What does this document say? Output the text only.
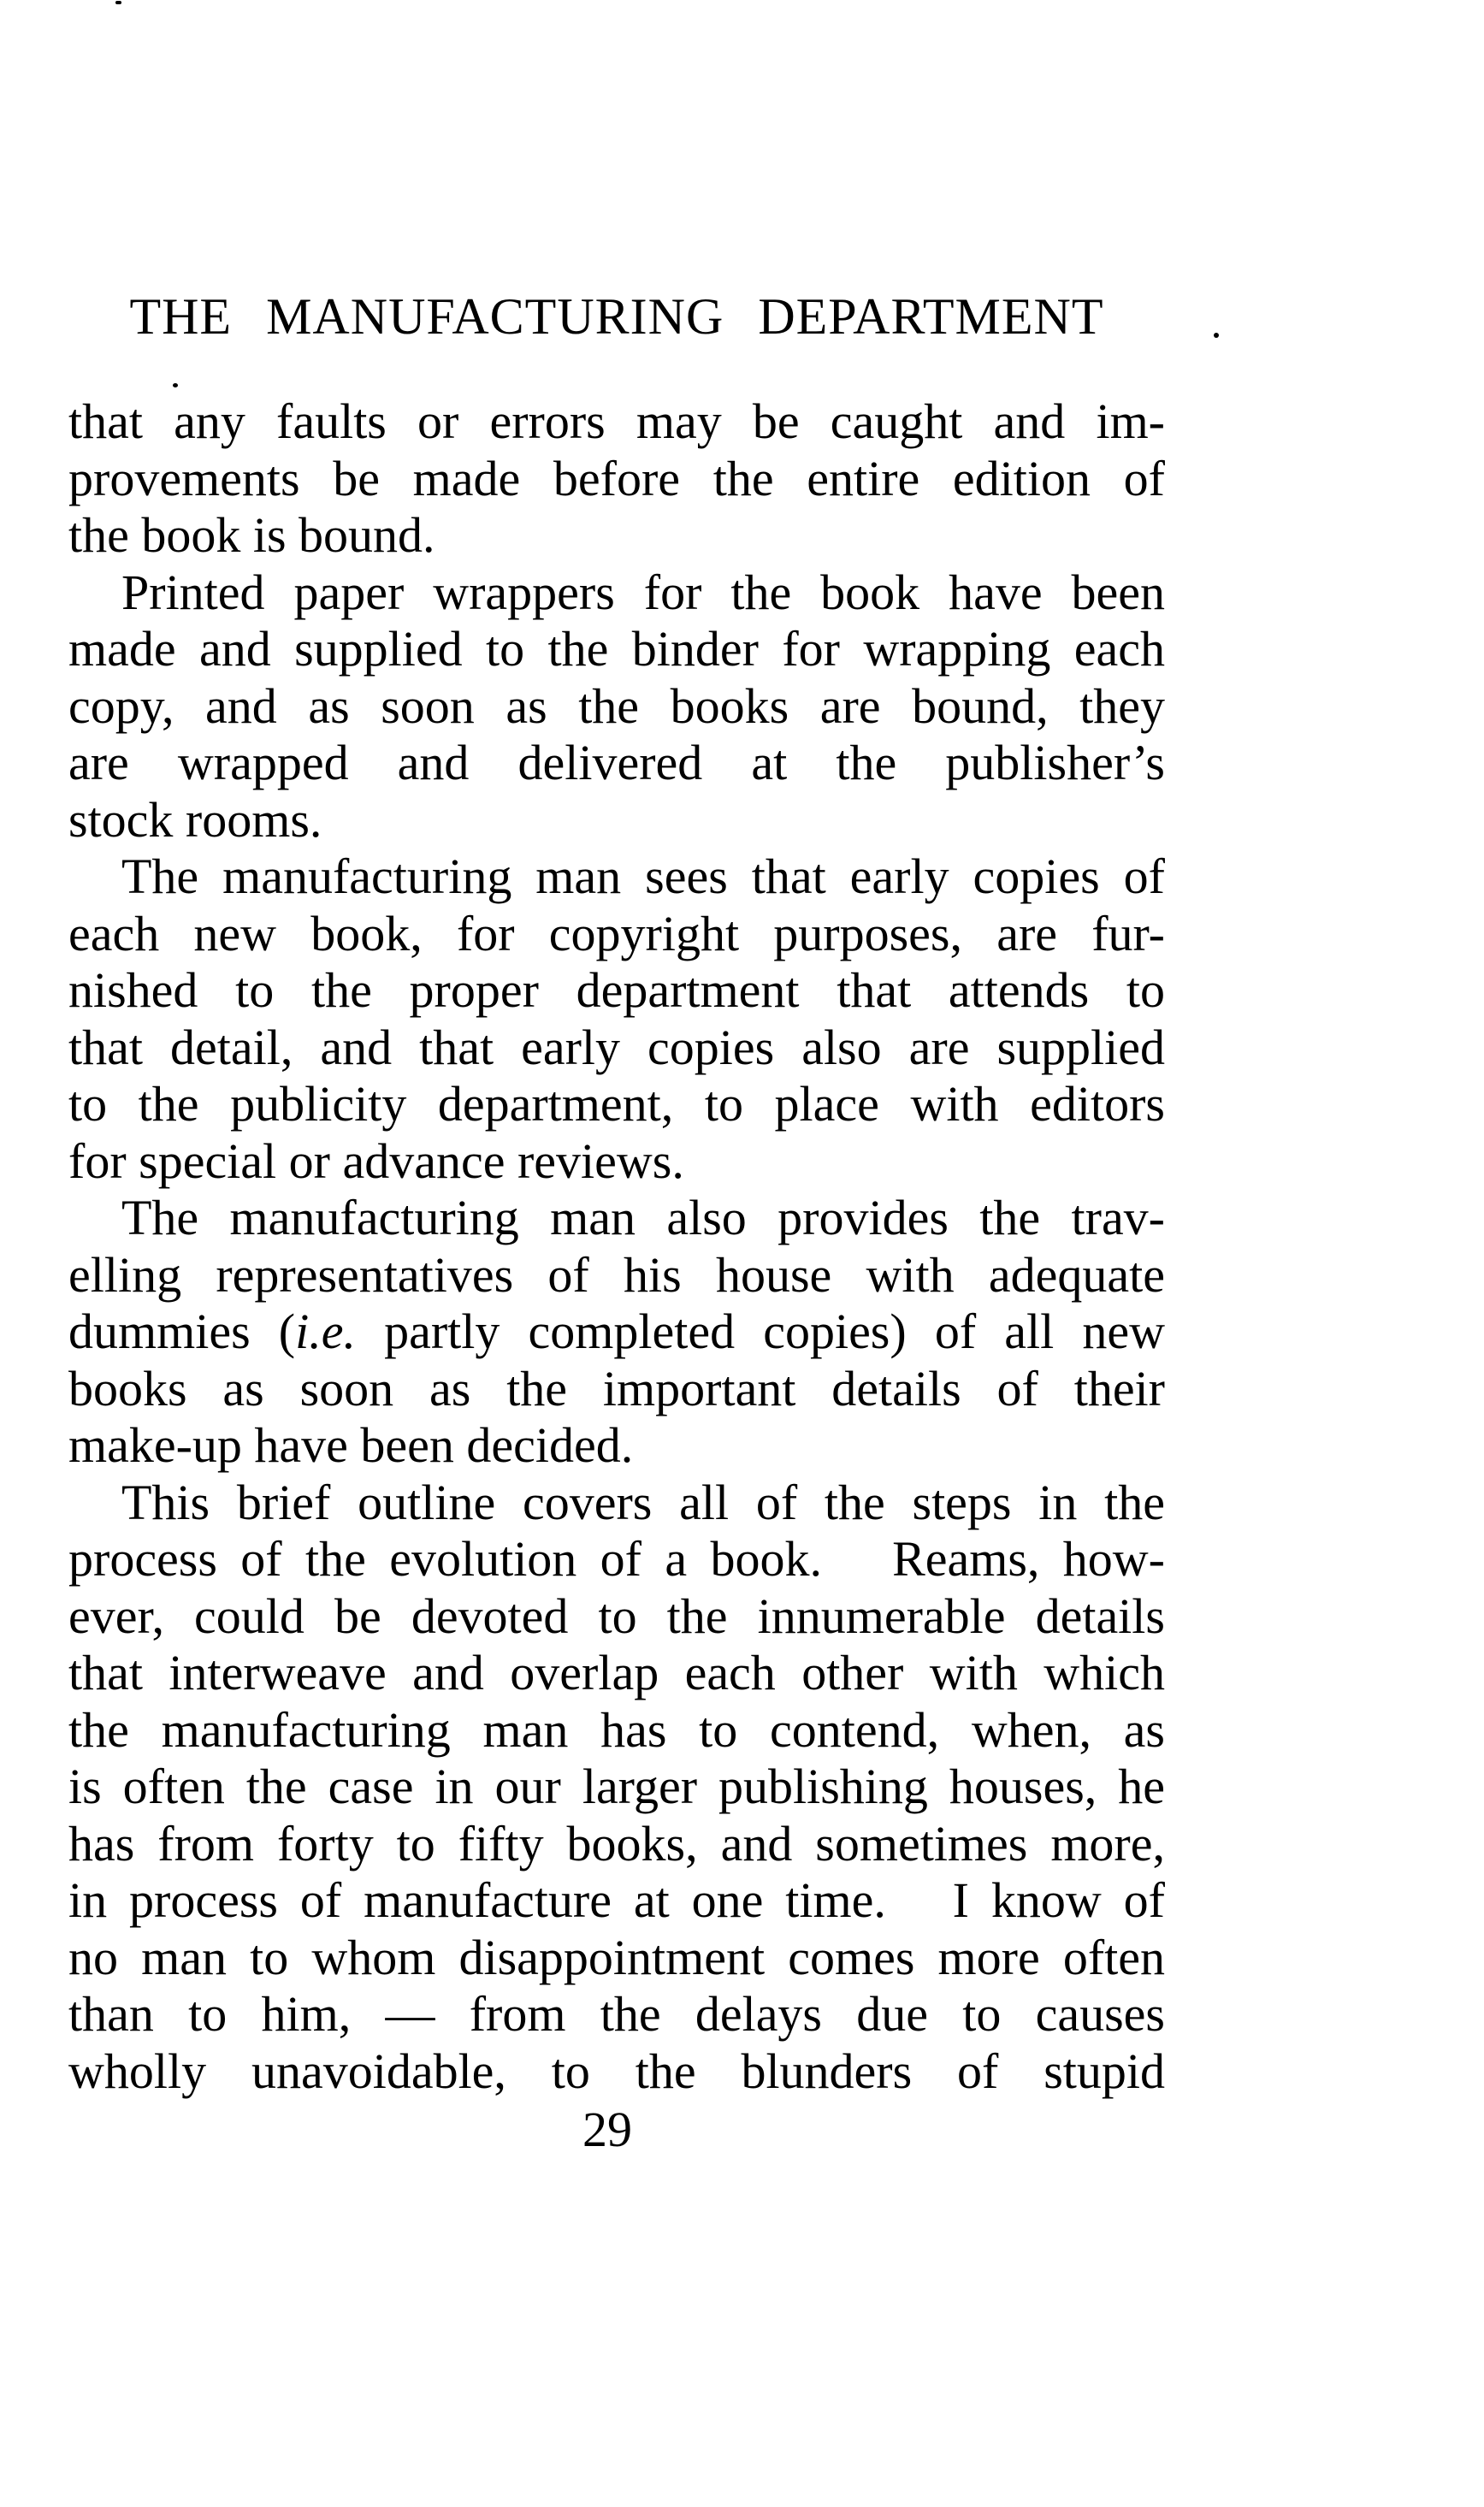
THE MANUFACTURING DEPARTMENT
that any faults or errors may be caught and im-
provements be made before the entire edition of
the book is bound.
Printed paper wrappers for the book have been
made and supplied to the binder for wrapping each
copy, and as soon as the books are bound, they
are wrapped and delivered at the publisher’s
stock rooms.
The manufacturing man sees that early copies of
each new book, for copyright purposes, are fur-
nished to the proper department that attends to
that detail, and that early copies also are supplied
to the publicity department, to place with editors
for special or advance reviews.
The manufacturing man also provides the trav-
elling representatives of his house with adequate
dummies (i.e. partly completed copies) of all new
books as soon as the important details of their
make-up have been decided.
This brief outline covers all of the steps in the
process of the evolution of a book.   Reams, how-
ever, could be devoted to the innumerable details
that interweave and overlap each other with which
the manufacturing man has to contend, when, as
is often the case in our larger publishing houses, he
has from forty to fifty books, and sometimes more,
in process of manufacture at one time.   I know of
no man to whom disappointment comes more often
than to him, — from the delays due to causes
wholly unavoidable, to the blunders of stupid
29
